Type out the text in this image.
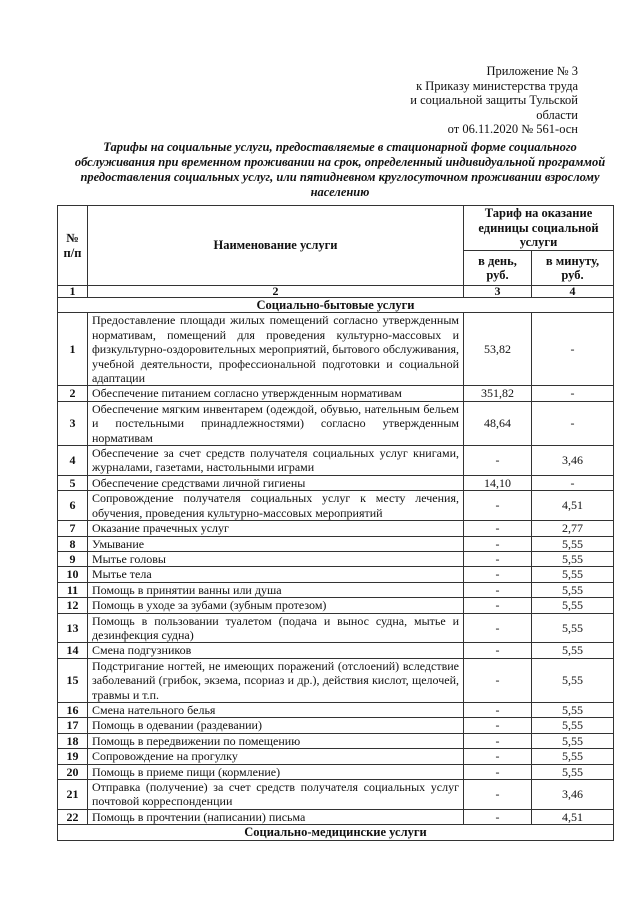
Приложение № 3
к Приказу министерства труда
и социальной защиты Тульской
области
от 06.11.2020 № 561-осн
Тарифы на социальные услуги, предоставляемые в стационарной форме социального обслуживания при временном проживании на срок, определенный индивидуальной программой предоставления социальных услуг, или пятидневном круглосуточном проживании взрослому населению
№ п/п	Наименование услуги	Тариф на оказание единицы социальной услуги	
		в день, руб.	в минуту, руб.
1	2	3	4
Социально-бытовые услуги			
1	Предоставление площади жилых помещений согласно утвержденным нормативам, помещений для проведения культурно-массовых и физкультурно-оздоровительных мероприятий, бытового обслуживания, учебной деятельности, профессиональной подготовки и социальной адаптации	53,82	-
2	Обеспечение питанием согласно утвержденным нормативам	351,82	-
3	Обеспечение мягким инвентарем (одеждой, обувью, нательным бельем и постельными принадлежностями) согласно утвержденным нормативам	48,64	-
4	Обеспечение за счет средств получателя социальных услуг книгами, журналами, газетами, настольными играми	-	3,46
5	Обеспечение средствами личной гигиены	14,10	-
6	Сопровождение получателя социальных услуг к месту лечения, обучения, проведения культурно-массовых мероприятий	-	4,51
7	Оказание прачечных услуг	-	2,77
8	Умывание	-	5,55
9	Мытье головы	-	5,55
10	Мытье тела	-	5,55
11	Помощь в принятии ванны или душа	-	5,55
12	Помощь в уходе за зубами (зубным протезом)	-	5,55
13	Помощь в пользовании туалетом (подача и вынос судна, мытье и дезинфекция судна)	-	5,55
14	Смена подгузников	-	5,55
15	Подстригание ногтей, не имеющих поражений (отслоений) вследствие заболеваний (грибок, экзема, псориаз и др.), действия кислот, щелочей, травмы и т.п.	-	5,55
16	Смена нательного белья	-	5,55
17	Помощь в одевании (раздевании)	-	5,55
18	Помощь в передвижении по помещению	-	5,55
19	Сопровождение на прогулку	-	5,55
20	Помощь в приеме пищи (кормление)	-	5,55
21	Отправка (получение) за счет средств получателя социальных услуг почтовой корреспонденции	-	3,46
22	Помощь в прочтении (написании) письма	-	4,51
Социально-медицинские услуги			
